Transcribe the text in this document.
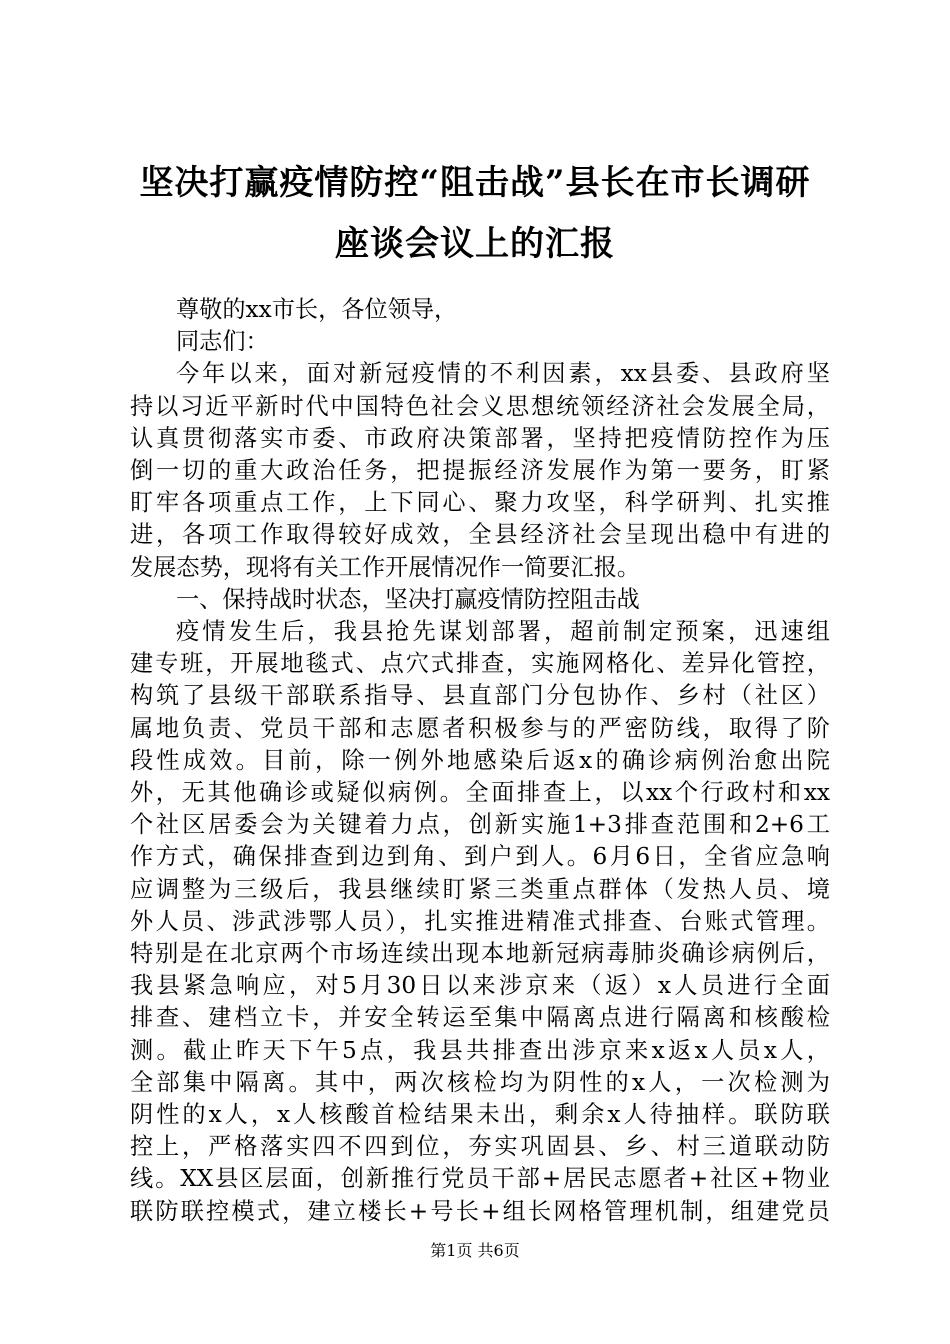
坚决打赢疫情防控“阻击战”县长在市长调研
座谈会议上的汇报

尊敬的xx市长，各位领导，

同志们：

今年以来，面对新冠疫情的不利因素，xx县委、县政府坚

持以习近平新时代中国特色社会义思想统领经济社会发展全局，

认真贯彻落实市委、市政府决策部署，坚持把疫情防控作为压

倒一切的重大政治任务，把提振经济发展作为第一要务，盯紧

盯牢各项重点工作，上下同心、聚力攻坚，科学研判、扎实推

进，各项工作取得较好成效，全县经济社会呈现出稳中有进的

发展态势，现将有关工作开展情况作一简要汇报。

一、保持战时状态，坚决打赢疫情防控阻击战

疫情发生后，我县抢先谋划部署，超前制定预案，迅速组

建专班，开展地毯式、点穴式排查，实施网格化、差异化管控，

构筑了县级干部联系指导、县直部门分包协作、乡村（社区）

属地负责、党员干部和志愿者积极参与的严密防线，取得了阶

段性成效。目前，除一例外地感染后返x的确诊病例治愈出院

外，无其他确诊或疑似病例。全面排查上，以xx个行政村和xx

个社区居委会为关键着力点，创新实施1+3排查范围和2+6工

作方式，确保排查到边到角、到户到人。6月6日，全省应急响

应调整为三级后，我县继续盯紧三类重点群体（发热人员、境

外人员、涉武涉鄂人员），扎实推进精准式排查、台账式管理。

特别是在北京两个市场连续出现本地新冠病毒肺炎确诊病例后，

我县紧急响应，对5月30日以来涉京来（返）x人员进行全面

排查、建档立卡，并安全转运至集中隔离点进行隔离和核酸检

测。截止昨天下午5点，我县共排查出涉京来x返x人员x人，

全部集中隔离。其中，两次核检均为阴性的x人，一次检测为

阴性的x人，x人核酸首检结果未出，剩余x人待抽样。联防联

控上，严格落实四不四到位，夯实巩固县、乡、村三道联动防

线。XX县区层面，创新推行党员干部+居民志愿者+社区+物业

联防联控模式，建立楼长+号长+组长网格管理机制，组建党员

第1页 共6页
